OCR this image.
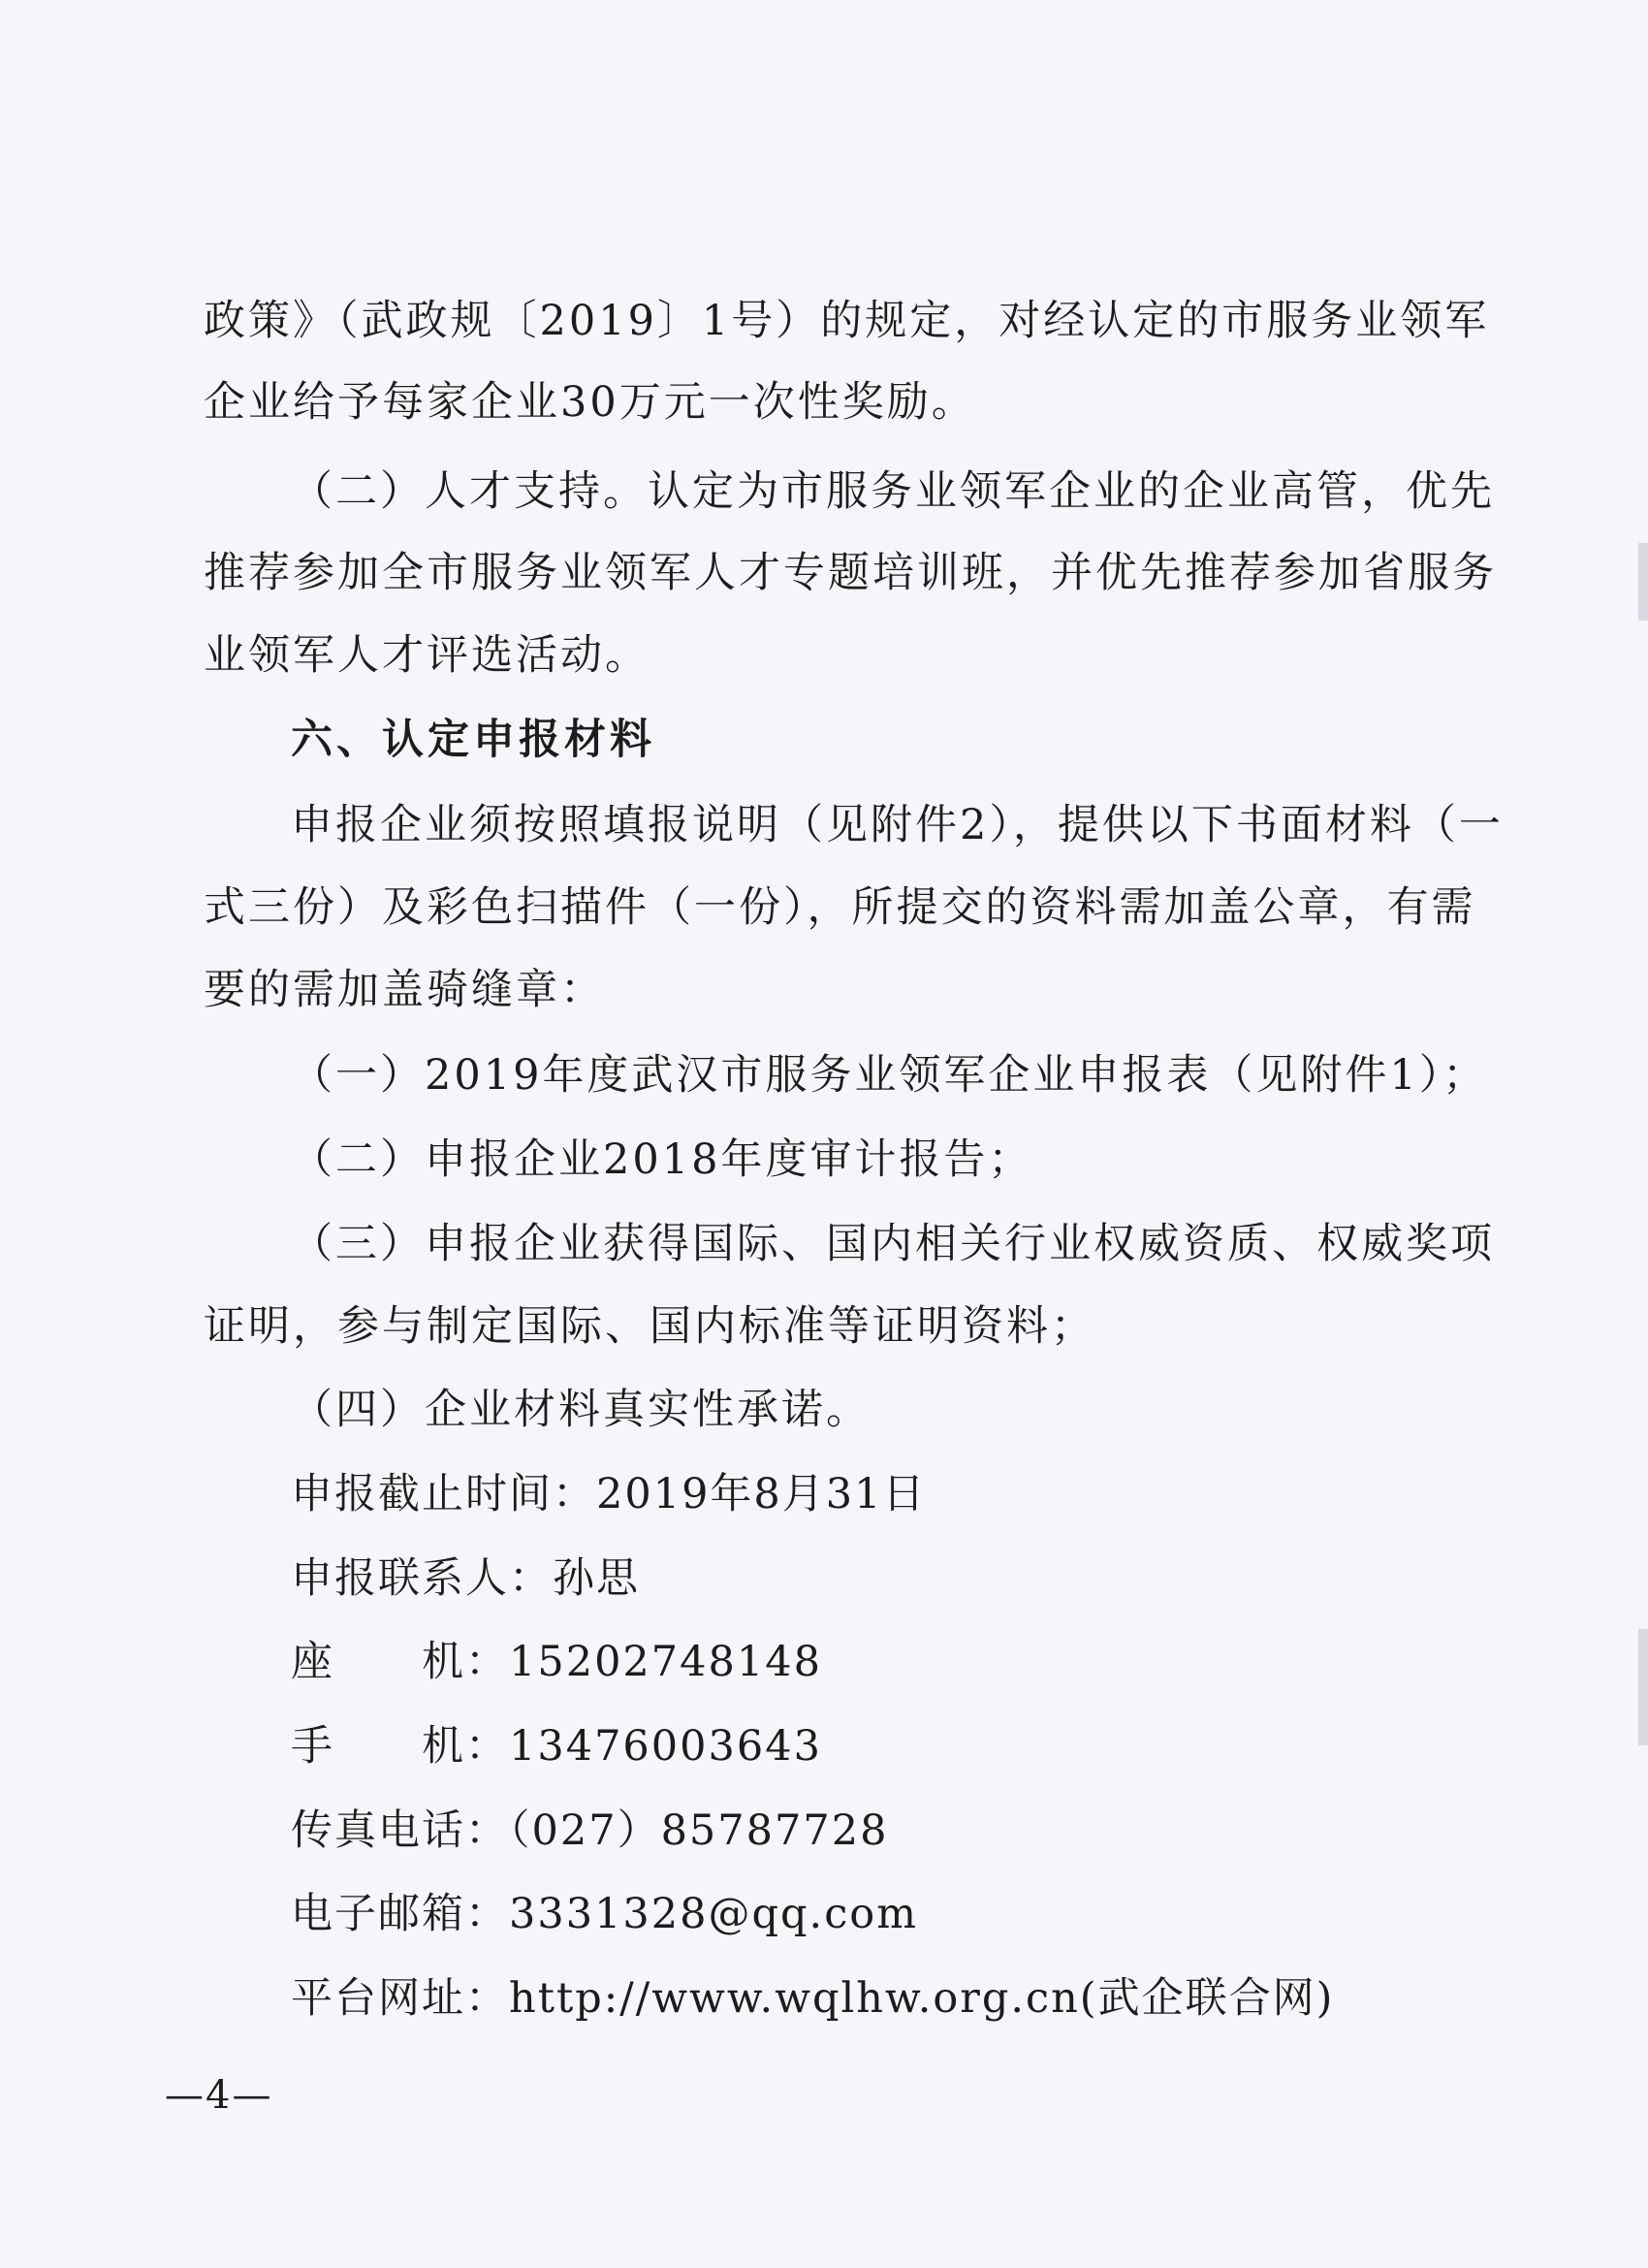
政策》（武政规〔2019〕1号）的规定，对经认定的市服务业领军
企业给予每家企业30万元一次性奖励。
（二）人才支持。认定为市服务业领军企业的企业高管，优先
推荐参加全市服务业领军人才专题培训班，并优先推荐参加省服务
业领军人才评选活动。
六、认定申报材料
申报企业须按照填报说明（见附件2），提供以下书面材料（一
式三份）及彩色扫描件（一份），所提交的资料需加盖公章，有需
要的需加盖骑缝章：
（一）2019年度武汉市服务业领军企业申报表（见附件1）；
（二）申报企业2018年度审计报告；
（三）申报企业获得国际、国内相关行业权威资质、权威奖项
证明，参与制定国际、国内标准等证明资料；
（四）企业材料真实性承诺。
申报截止时间：2019年8月31日
申报联系人：孙思
座　　机：15202748148
手　　机：13476003643
传真电话：（027）85787728
电子邮箱：3331328@qq.com
平台网址：http://www.wqlhw.org.cn(武企联合网)
—4—
